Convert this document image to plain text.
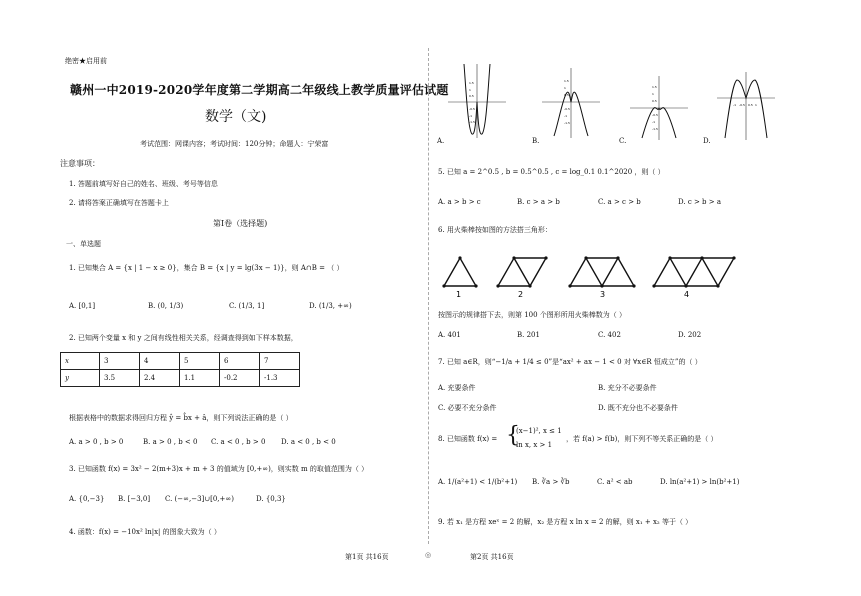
绝密★启用前
赣州一中2019-2020学年度第二学期高二年级线上教学质量评估试题
数学（文)
考试范围：网课内容；考试时间：120分钟；命题人：宁荣富
注意事项：
1. 答题前填写好自己的姓名、班级、考号等信息
2. 请将答案正确填写在答题卡上
第I卷（选择题)
一、单选题
1. 已知集合 A = {x | 1 − x ≥ 0}，集合 B = {x | y = lg(3x − 1)}，则 A∩B = （ ）
A. [0,1]	B. (0, 1/3)	C. (1/3, 1]	D. (1/3, +∞)
2. 已知两个变量 x 和 y 之间有线性相关关系，经调查得到如下样本数据，
x	3	4	5	6	7
y	3.5	2.4	1.1	-0.2	-1.3
根据表格中的数据求得回归方程 ŷ = b̂x + â，则下列说法正确的是（ ）
A. a > 0 , b > 0	B. a > 0 , b < 0 C. a < 0 , b > 0 D. a < 0 , b < 0
3. 已知函数 f(x) = 3x² − 2(m+3)x + m + 3 的值域为 [0,+∞)，则实数 m 的取值范围为（ ）
A. {0,−3} B. [−3,0] C. (−∞,−3]∪[0,+∞)	D. {0,3}
4. 函数：f(x) = −10x² ln|x| 的图象大致为（ ）
1.5
1
0.5
-0.5
-1
-1.5
1.5
1
0.5
-0.5
-1
-1.5
1.5
1
0.5
-0.5
-1
-1.5
-1 -0.5 0.5 1
A.	B.	C.	D.
5. 已知 a = 2^0.5 , b = 0.5^0.5 , c = log_0.1 0.1^2020 ，则（ ）
A. a > b > c	B. c > a > b	C. a > c > b	D. c > b > a
6. 用火柴棒按如图的方法搭三角形：
1	2	3	4
按图示的规律搭下去，则第 100 个图形所用火柴棒数为（ ）
A. 401	B. 201	C. 402	D. 202
7. 已知 a∈R，则“−1/a + 1/4 ≤ 0”是“ax² + ax − 1 < 0 对 ∀x∈R 恒成立”的（ ）
A. 充要条件	B. 充分不必要条件
C. 必要不充分条件	D. 既不充分也不必要条件
8. 已知函数 f(x) = {
(x−1)², x ≤ 1
ln x, x > 1
，若 f(a) > f(b)，则下列不等关系正确的是（ ）
A. 1/(a²+1) < 1/(b²+1) B. ∛a > ∛b	C. a² < ab	D. ln(a²+1) > ln(b²+1)
9. 若 x₁ 是方程 xeˣ = 2 的解，x₂ 是方程 x ln x = 2 的解，则 x₁ + x₂ 等于（ ）
第1页 共16页	◎	第2页 共16页
